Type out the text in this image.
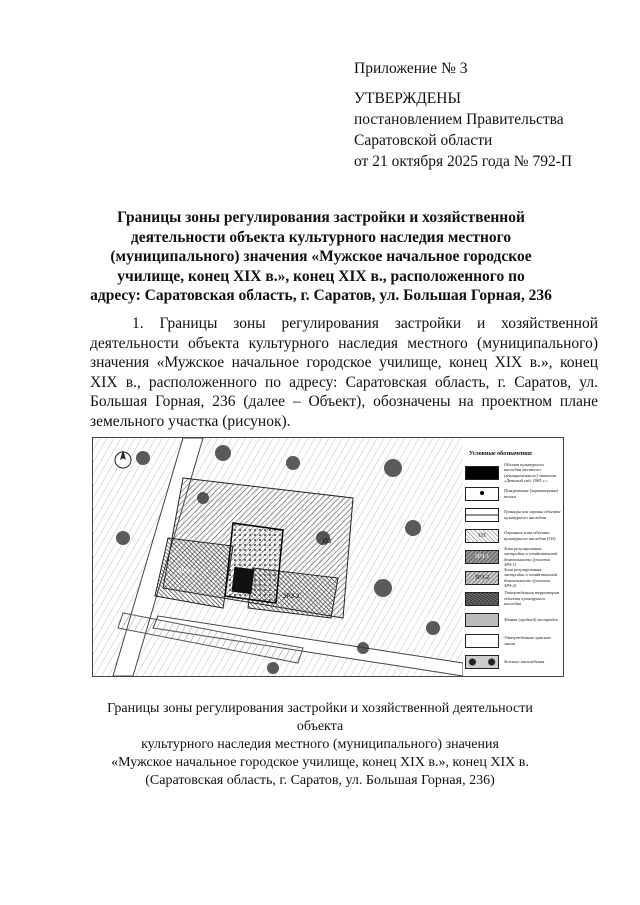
Приложение № 3
УТВЕРЖДЕНЫ
постановлением Правительства
Саратовской области
от 21 октября 2025 года № 792-П
Границы зоны регулирования застройки и хозяйственной деятельности объекта культурного наследия местного (муниципального) значения «Мужское начальное городское училище, конец XIX в.», конец XIX в., расположенного по адресу: Саратовская область, г. Саратов, ул. Большая Горная, 236
1. Границы зоны регулирования застройки и хозяйственной деятельности объекта культурного наследия местного (муниципального) значения «Мужское начальное городское училище, конец XIX в.», конец XIX в., расположенного по адресу: Саратовская область, г. Саратов, ул. Большая Горная, 236 (далее – Объект), обозначены на проектном плане земельного участка (рисунок).
ОЗ
ЗРЗ-1
ЗРЗ-2
Условные обозначения:
Объект культурного наследия местного (муниципального) значения «Детский сад, 1985 г.»
Поворотные (характерные) точки
Границы зон охраны объекта культурного наследия
ОЗ	Охранная зона объекта культурного наследия (ОЗ)
ЗРЗ-1
Зона регулирования застройки и хозяйственной деятельности (участок ЗРЗ-1)
ЗРЗ-2
Зона регулирования застройки и хозяйственной деятельности (участок ЗРЗ-2)
Утвержденная территория объекта культурного наследия
Здания (средней) застройки
Утвержденные красные линии
Зеленые насаждения
Границы зоны регулирования застройки и хозяйственной деятельности объекта
культурного наследия местного (муниципального) значения
«Мужское начальное городское училище, конец XIX в.», конец XIX в.
(Саратовская область, г. Саратов, ул. Большая Горная, 236)
